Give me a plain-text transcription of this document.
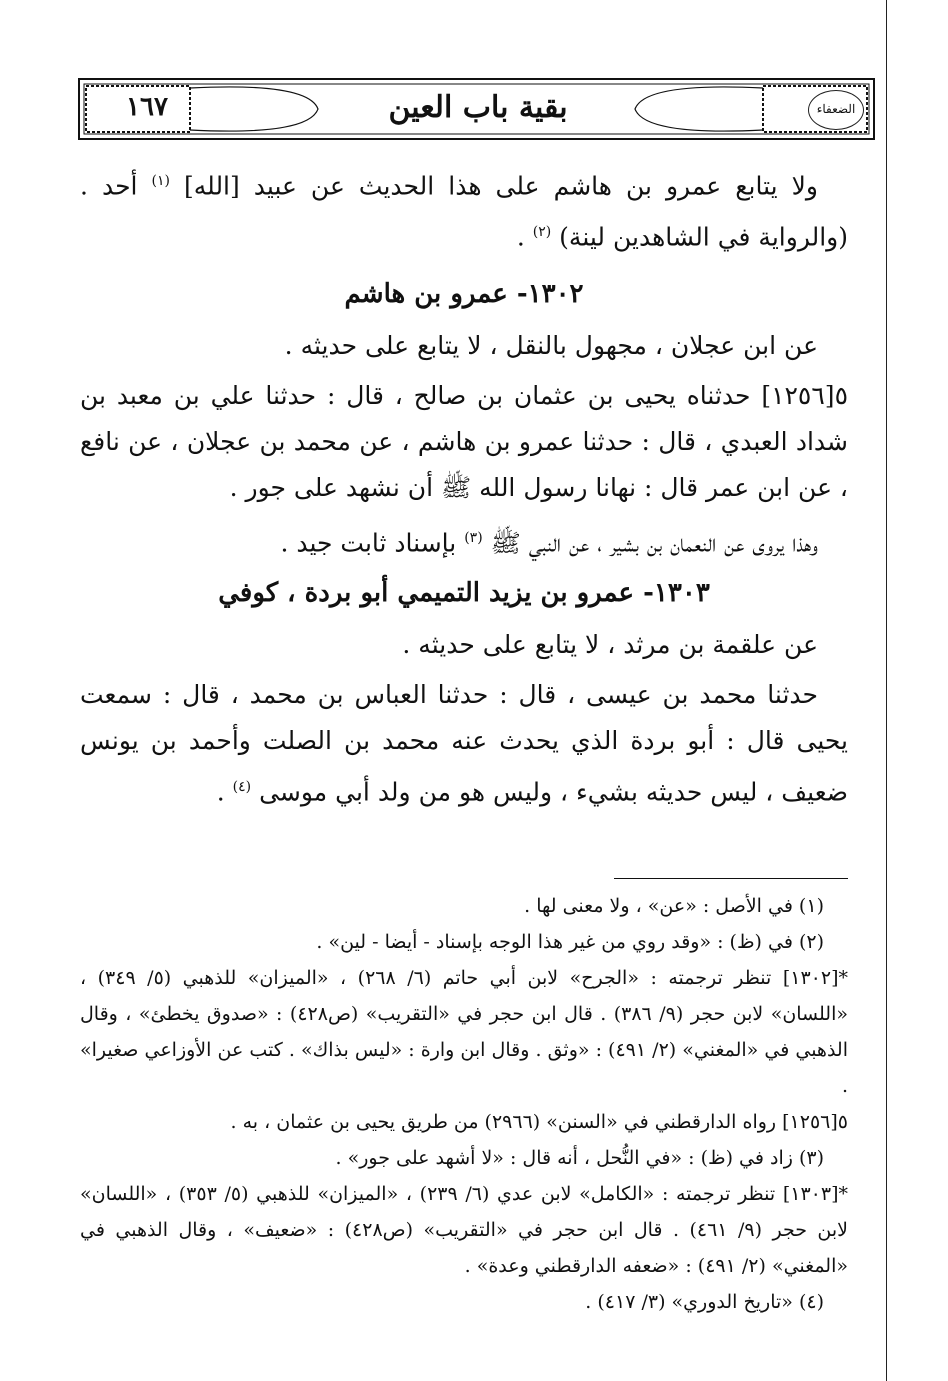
١٦٧	بقية باب العين	الضعفاء

ولا يتابع عمرو بن هاشم على هذا الحديث عن عبيد [الله] $^{(١)}$ أحد . (والرواية في الشاهدين لينة) $^{(٢)}$ .

١٣٠٢- عمرو بن هاشم

عن ابن عجلان ، مجهول بالنقل ، لا يتابع على حديثه .

٥[١٢٥٦] حدثناه يحيى بن عثمان بن صالح ، قال : حدثنا علي بن معبد بن شداد العبدي ، قال : حدثنا عمرو بن هاشم ، عن محمد بن عجلان ، عن نافع ، عن ابن عمر قال : نهانا رسول الله ﷺ أن نشهد على جور .

وهذا يروى عن النعمان بن بشير ، عن النبي ﷺ $^{(٣)}$ بإسناد ثابت جيد .

١٣٠٣- عمرو بن يزيد التميمي أبو بردة ، كوفي

عن علقمة بن مرثد ، لا يتابع على حديثه .

حدثنا محمد بن عيسى ، قال : حدثنا العباس بن محمد ، قال : سمعت يحيى قال : أبو بردة الذي يحدث عنه محمد بن الصلت وأحمد بن يونس ضعيف ، ليس حديثه بشيء ، وليس هو من ولد أبي موسى $^{(٤)}$ .

(١) في الأصل : «عن» ، ولا معنى لها .

(٢) في (ظ) : «وقد روي من غير هذا الوجه بإسناد - أيضا - لين» .

*[١٣٠٢] تنظر ترجمته : «الجرح» لابن أبي حاتم (٦/ ٢٦٨) ، «الميزان» للذهبي (٥/ ٣٤٩) ، «اللسان» لابن حجر (٩/ ٣٨٦) . قال ابن حجر في «التقريب» (ص٤٢٨) : «صدوق يخطئ» ، وقال الذهبي في «المغني» (٢/ ٤٩١) : «وثق . وقال ابن وارة : «ليس بذاك» . كتب عن الأوزاعي صغيرا» .

٥[١٢٥٦] رواه الدارقطني في «السنن» (٢٩٦٦) من طريق يحيى بن عثمان ، به .

(٣) زاد في (ظ) : «في النُّحل ، أنه قال : «لا أشهد على جور» .

*[١٣٠٣] تنظر ترجمته : «الكامل» لابن عدي (٦/ ٢٣٩) ، «الميزان» للذهبي (٥/ ٣٥٣) ، «اللسان» لابن حجر (٩/ ٤٦١) . قال ابن حجر في «التقريب» (ص٤٢٨) : «ضعيف» ، وقال الذهبي في «المغني» (٢/ ٤٩١) : «ضعفه الدارقطني وعدة» .

(٤) «تاريخ الدوري» (٣/ ٤١٧) .
